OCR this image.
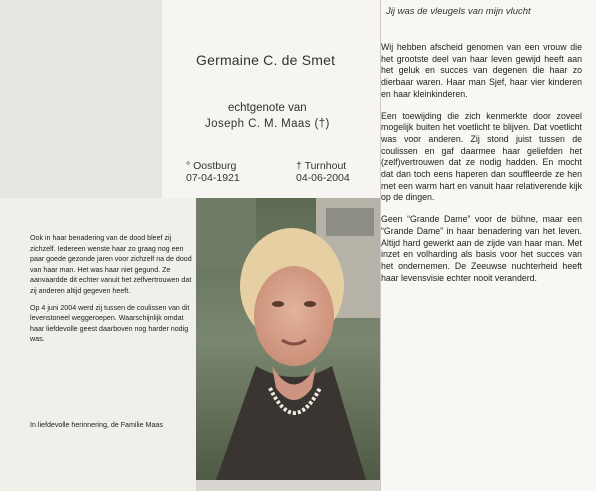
Germaine C. de Smet
echtgenote van
Joseph C. M. Maas (†)
° Oostburg
07-04-1921
† Turnhout
04-06-2004

Ook in haar benadering van de dood bleef zij zichzelf. Iedereen wenste haar zo graag nog een paar goede gezonde jaren voor zichzelf na de dood van haar man. Het was haar niet gegund. Ze aanvaardde dit echter vanuit het zelfvertrouwen dat zij anderen altijd gegeven heeft.

Op 4 juni 2004 werd zij tussen de coulissen van dit levenstoneel weggeroepen. Waarschijnlijk omdat haar liefdevolle geest daarboven nog harder nodig was.

In liefdevolle herinnering, de Familie Maas
Jij was de vleugels van mijn vlucht

Wij hebben afscheid genomen van een vrouw die het grootste deel van haar leven gewijd heeft aan het geluk en succes van degenen die haar zo dierbaar waren. Haar man Sjef, haar vier kinderen en haar kleinkinderen.

Een toewijding die zich kenmerkte door zoveel mogelijk buiten het voetlicht te blijven. Dat voetlicht was voor anderen. Zij stond juist tussen de coulissen en gaf daarmee haar geliefden het (zelf)vertrouwen dat ze nodig hadden. En mocht dat dan toch eens haperen dan souffleerde ze hen met een warm hart en vanuit haar relativerende kijk op de dingen.

Geen “Grande Dame” voor de bühne, maar een “Grande Dame” in haar benadering van het leven. Altijd hard gewerkt aan de zijde van haar man. Met inzet en volharding als basis voor het succes van het ondernemen. De Zeeuwse nuchterheid heeft haar levensvisie echter nooit veranderd.
